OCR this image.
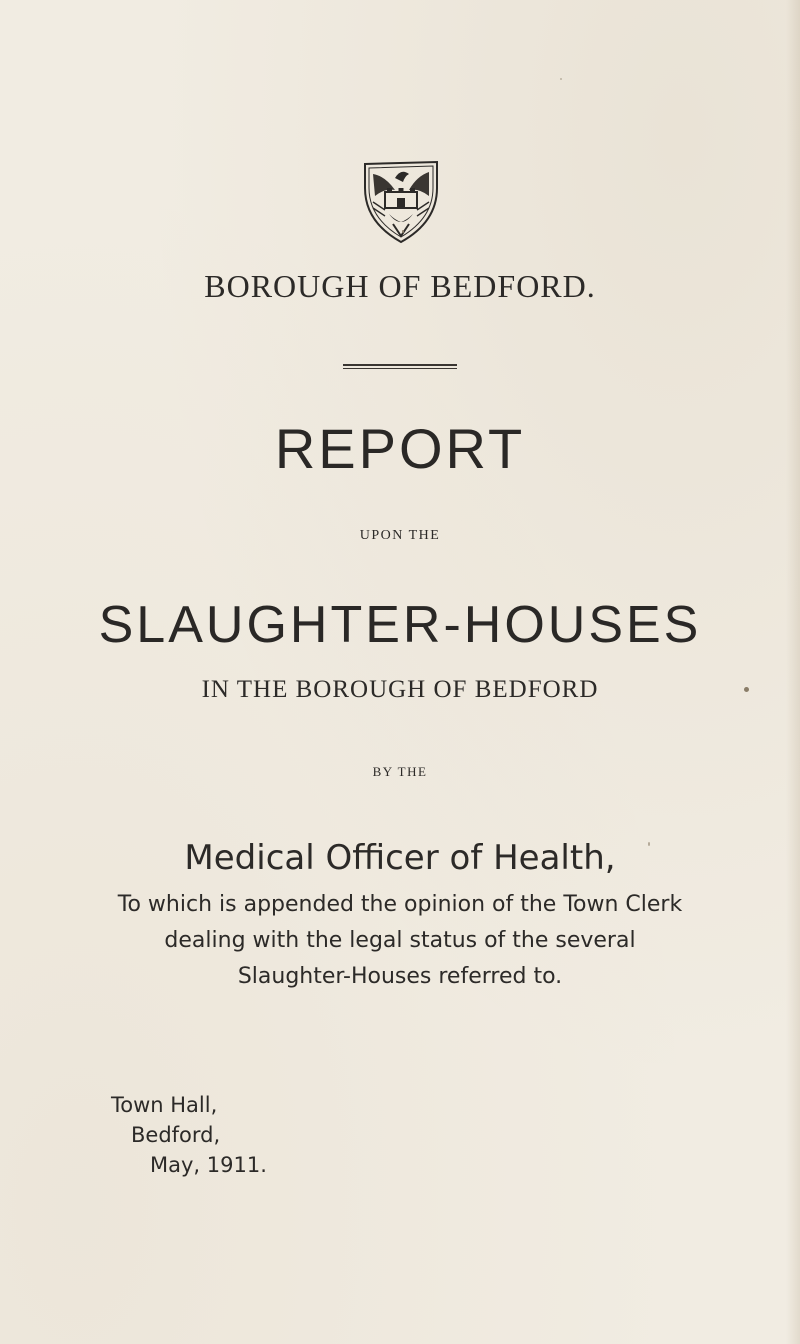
BOROUGH OF BEDFORD.
REPORT
UPON THE
SLAUGHTER-HOUSES
IN THE BOROUGH OF BEDFORD
BY THE
Medical Officer of Health,
To which is appended the opinion of the Town Clerk
dealing with the legal status of the several
Slaughter-Houses referred to.
Town Hall,
Bedford,
May, 1911.
